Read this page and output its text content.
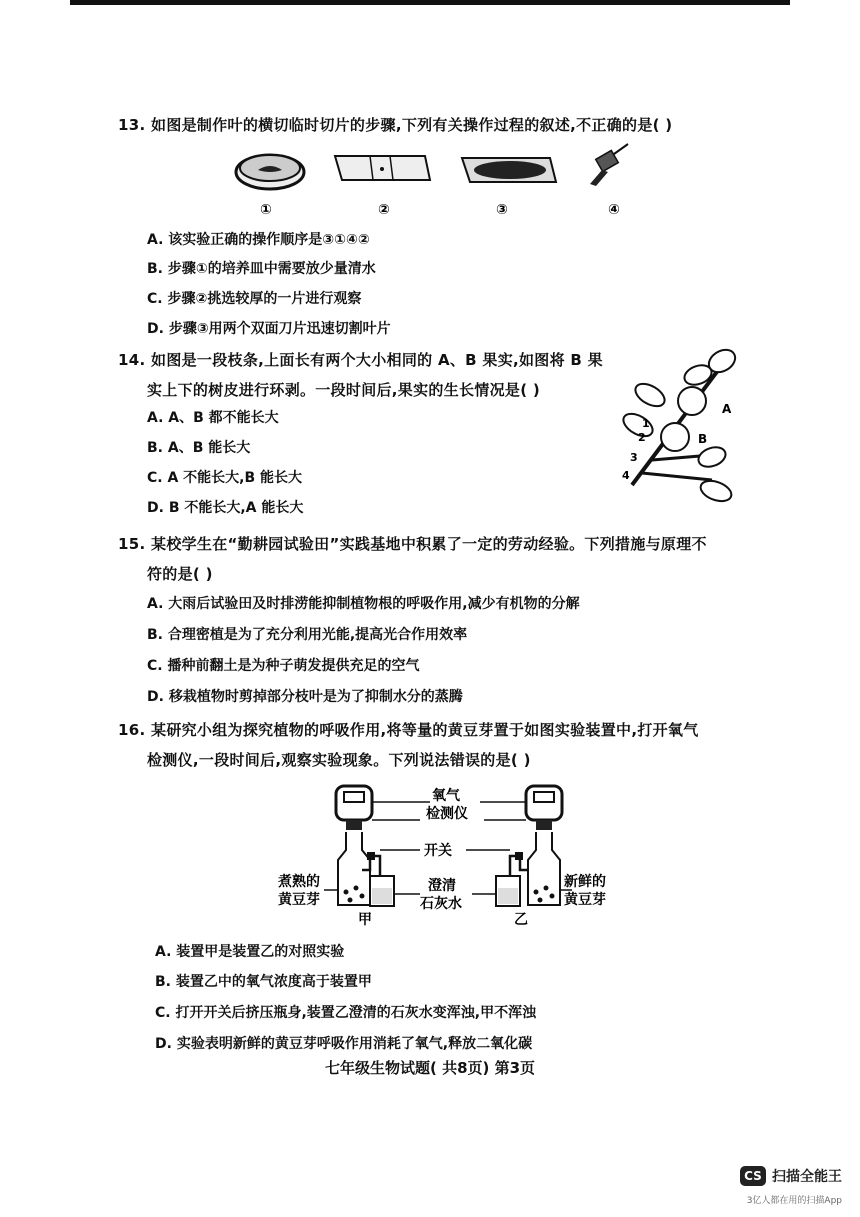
13. 如图是制作叶的横切临时切片的步骤,下列有关操作过程的叙述,不正确的是( )
①	②	③	④
A. 该实验正确的操作顺序是③①④②
B. 步骤①的培养皿中需要放少量清水
C. 步骤②挑选较厚的一片进行观察
D. 步骤③用两个双面刀片迅速切割叶片
14. 如图是一段枝条,上面长有两个大小相同的 A、B 果实,如图将 B 果
实上下的树皮进行环剥。一段时间后,果实的生长情况是( )
A. A、B 都不能长大
B. A、B 能长大
C. A 不能长大,B 能长大
D. B 不能长大,A 能长大
A
B
1
2
3
4
15. 某校学生在“勤耕园试验田”实践基地中积累了一定的劳动经验。下列措施与原理不
符的是( )
A. 大雨后试验田及时排涝能抑制植物根的呼吸作用,减少有机物的分解
B. 合理密植是为了充分利用光能,提高光合作用效率
C. 播种前翻土是为种子萌发提供充足的空气
D. 移栽植物时剪掉部分枝叶是为了抑制水分的蒸腾
16. 某研究小组为探究植物的呼吸作用,将等量的黄豆芽置于如图实验装置中,打开氧气
检测仪,一段时间后,观察实验现象。下列说法错误的是( )
氧气
检测仪
开关
煮熟的
黄豆芽
澄清
石灰水
新鲜的
黄豆芽
甲	乙
A. 装置甲是装置乙的对照实验
B. 装置乙中的氧气浓度高于装置甲
C. 打开开关后挤压瓶身,装置乙澄清的石灰水变浑浊,甲不浑浊
D. 实验表明新鲜的黄豆芽呼吸作用消耗了氧气,释放二氧化碳
七年级生物试题( 共8页) 第3页
CS 扫描全能王
3亿人都在用的扫描App
